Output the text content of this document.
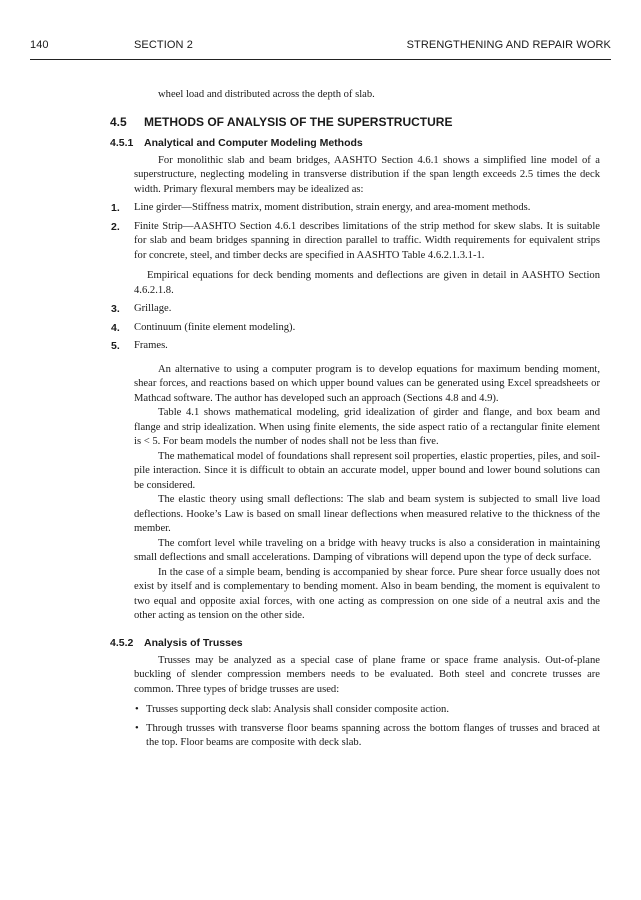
140	SECTION 2	STRENGTHENING AND REPAIR WORK

wheel load and distributed across the depth of slab.

4.5 METHODS OF ANALYSIS OF THE SUPERSTRUCTURE

4.5.1 Analytical and Computer Modeling Methods

For monolithic slab and beam bridges, AASHTO Section 4.6.1 shows a simplified line model of a superstructure, neglecting modeling in transverse distribution if the span length exceeds 2.5 times the deck width. Primary flexural members may be idealized as:

1. Line girder—Stiffness matrix, moment distribution, strain energy, and area-moment methods.

2. Finite Strip—AASHTO Section 4.6.1 describes limitations of the strip method for skew slabs. It is suitable for slab and beam bridges spanning in direction parallel to traffic. Width requirements for equivalent strips for concrete, steel, and timber decks are specified in AASHTO Table 4.6.2.1.3.1-1.

Empirical equations for deck bending moments and deflections are given in detail in AASHTO Section 4.6.2.1.8.

3. Grillage.

4. Continuum (finite element modeling).

5. Frames.

An alternative to using a computer program is to develop equations for maximum bending moment, shear forces, and reactions based on which upper bound values can be generated using Excel spreadsheets or Mathcad software. The author has developed such an approach (Sections 4.8 and 4.9).

Table 4.1 shows mathematical modeling, grid idealization of girder and flange, and box beam and flange and strip idealization. When using finite elements, the side aspect ratio of a rectangular finite element is < 5. For beam models the number of nodes shall not be less than five.

The mathematical model of foundations shall represent soil properties, elastic properties, piles, and soil-pile interaction. Since it is difficult to obtain an accurate model, upper bound and lower bound solutions can be considered.

The elastic theory using small deflections: The slab and beam system is subjected to small live load deflections. Hooke’s Law is based on small linear deflections when measured relative to the thickness of the member.

The comfort level while traveling on a bridge with heavy trucks is also a consideration in maintaining small deflections and small accelerations. Damping of vibrations will depend upon the type of deck surface.

In the case of a simple beam, bending is accompanied by shear force. Pure shear force usually does not exist by itself and is complementary to bending moment. Also in beam bending, the moment is equivalent to two equal and opposite axial forces, with one acting as compression on one side of a neutral axis and the other acting as tension on the other side.

4.5.2 Analysis of Trusses

Trusses may be analyzed as a special case of plane frame or space frame analysis. Out-of-plane buckling of slender compression members needs to be evaluated. Both steel and concrete trusses are common. Three types of bridge trusses are used:

• Trusses supporting deck slab: Analysis shall consider composite action.

• Through trusses with transverse floor beams spanning across the bottom flanges of trusses and braced at the top. Floor beams are composite with deck slab.
